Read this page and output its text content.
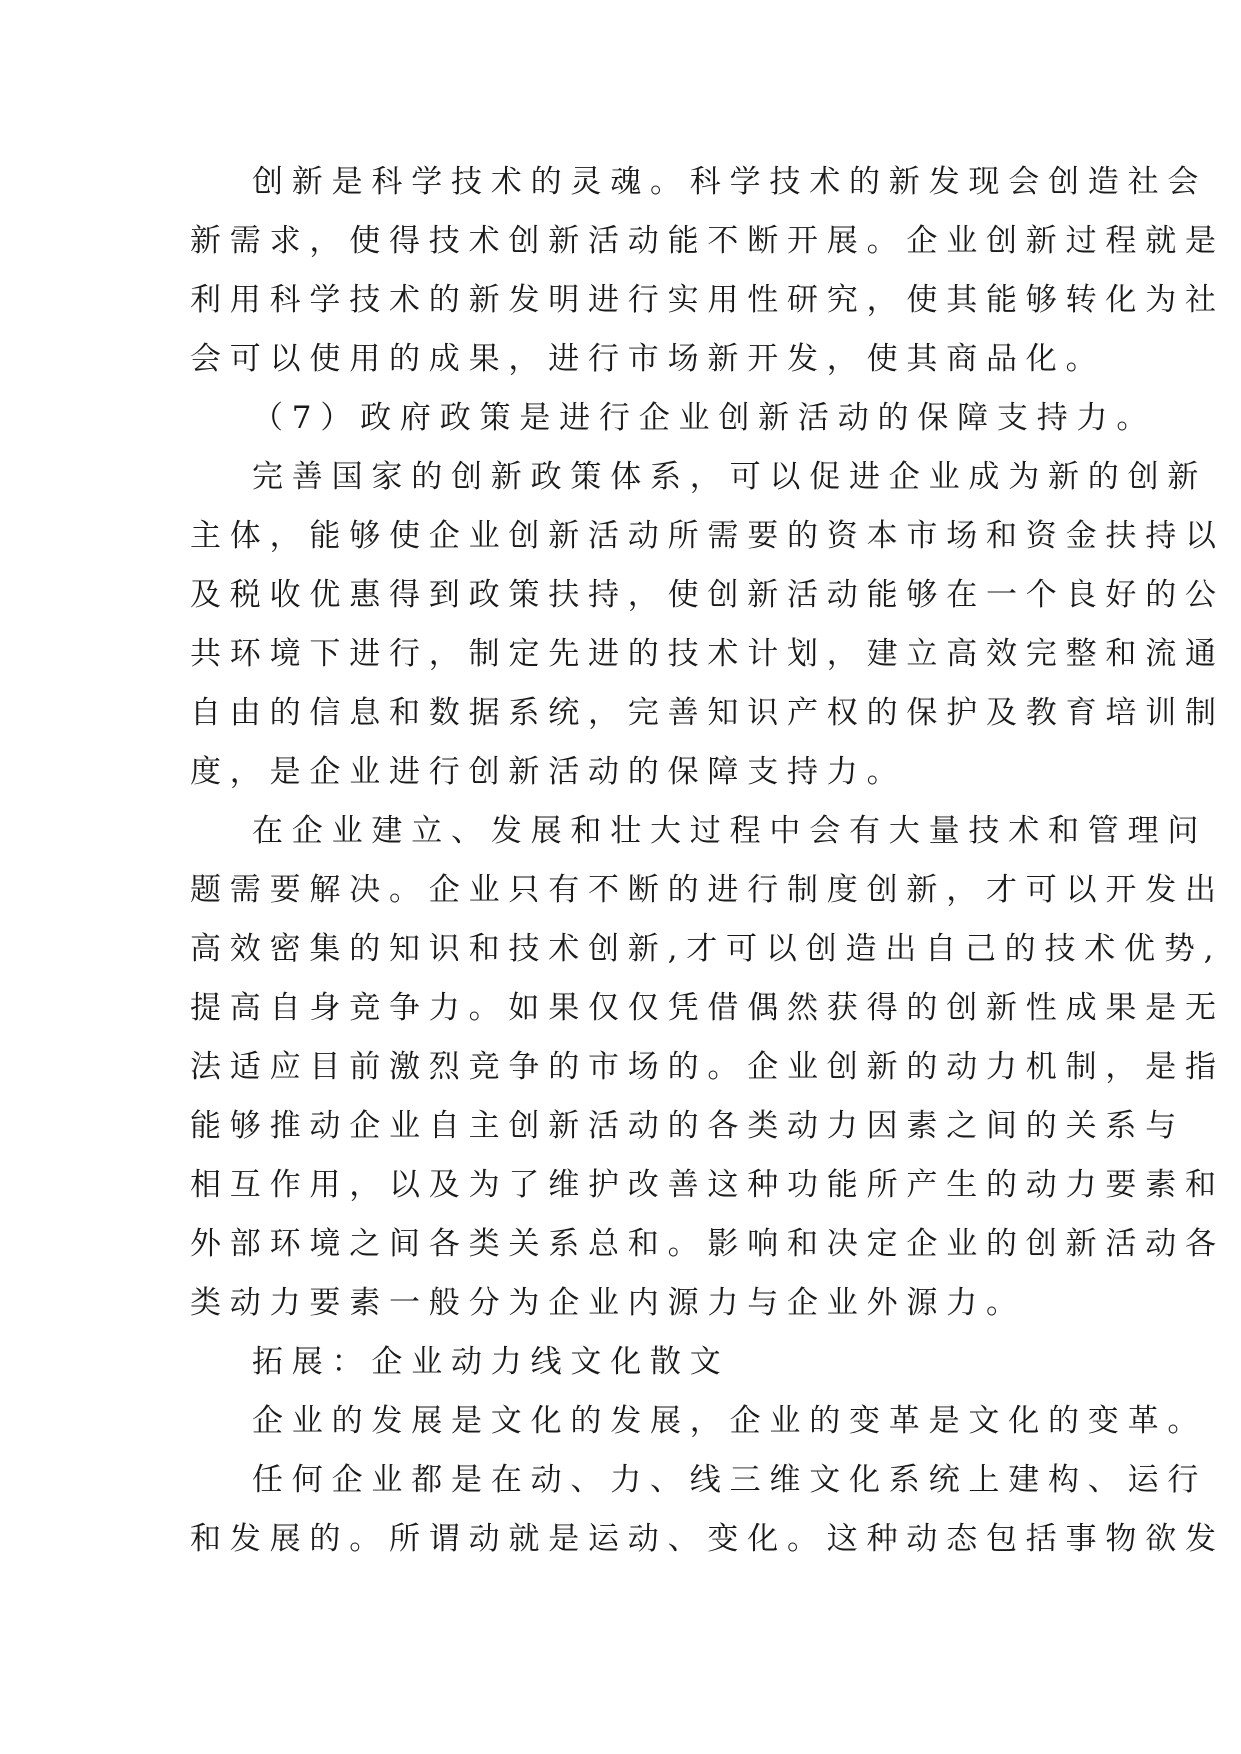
创新是科学技术的灵魂。科学技术的新发现会创造社会
新需求，使得技术创新活动能不断开展。企业创新过程就是
利用科学技术的新发明进行实用性研究，使其能够转化为社
会可以使用的成果，进行市场新开发，使其商品化。
（7）政府政策是进行企业创新活动的保障支持力。
完善国家的创新政策体系，可以促进企业成为新的创新
主体，能够使企业创新活动所需要的资本市场和资金扶持以
及税收优惠得到政策扶持，使创新活动能够在一个良好的公
共环境下进行，制定先进的技术计划，建立高效完整和流通
自由的信息和数据系统，完善知识产权的保护及教育培训制
度，是企业进行创新活动的保障支持力。
在企业建立、发展和壮大过程中会有大量技术和管理问
题需要解决。企业只有不断的进行制度创新，才可以开发出
高效密集的知识和技术创新,才可以创造出自己的技术优势,
提高自身竞争力。如果仅仅凭借偶然获得的创新性成果是无
法适应目前激烈竞争的市场的。企业创新的动力机制，是指
能够推动企业自主创新活动的各类动力因素之间的关系与
相互作用，以及为了维护改善这种功能所产生的动力要素和
外部环境之间各类关系总和。影响和决定企业的创新活动各
类动力要素一般分为企业内源力与企业外源力。
拓展：企业动力线文化散文
企业的发展是文化的发展，企业的变革是文化的变革。
任何企业都是在动、力、线三维文化系统上建构、运行
和发展的。所谓动就是运动、变化。这种动态包括事物欲发
